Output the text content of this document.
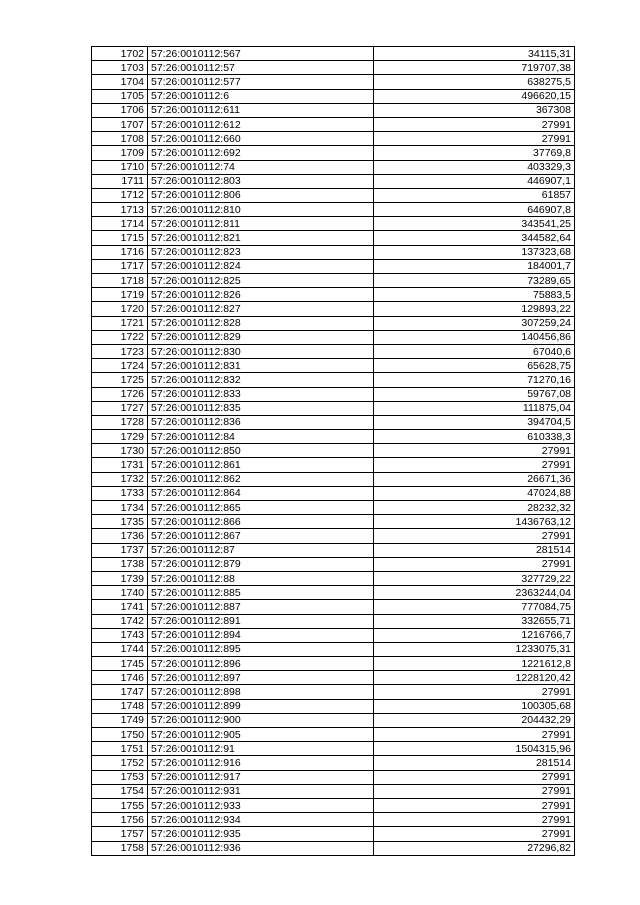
1702	57:26:0010112:567	34115,31
1703	57:26:0010112:57	719707,38
1704	57:26:0010112:577	638275,5
1705	57:26:0010112:6	496620,15
1706	57:26:0010112:611	367308
1707	57:26:0010112:612	27991
1708	57:26:0010112:660	27991
1709	57:26:0010112:692	37769,8
1710	57:26:0010112:74	403329,3
1711	57:26:0010112:803	446907,1
1712	57:26:0010112:806	61857
1713	57:26:0010112:810	646907,8
1714	57:26:0010112:811	343541,25
1715	57:26:0010112:821	344582,64
1716	57:26:0010112:823	137323,68
1717	57:26:0010112:824	184001,7
1718	57:26:0010112:825	73289,65
1719	57:26:0010112:826	75883,5
1720	57:26:0010112:827	129893,22
1721	57:26:0010112:828	307259,24
1722	57:26:0010112:829	140456,86
1723	57:26:0010112:830	67040,6
1724	57:26:0010112:831	65628,75
1725	57:26:0010112:832	71270,16
1726	57:26:0010112:833	59767,08
1727	57:26:0010112:835	111875,04
1728	57:26:0010112:836	394704,5
1729	57:26:0010112:84	610338,3
1730	57:26:0010112:850	27991
1731	57:26:0010112:861	27991
1732	57:26:0010112:862	26671,36
1733	57:26:0010112:864	47024,88
1734	57:26:0010112:865	28232,32
1735	57:26:0010112:866	1436763,12
1736	57:26:0010112:867	27991
1737	57:26:0010112:87	281514
1738	57:26:0010112:879	27991
1739	57:26:0010112:88	327729,22
1740	57:26:0010112:885	2363244,04
1741	57:26:0010112:887	777084,75
1742	57:26:0010112:891	332655,71
1743	57:26:0010112:894	1216766,7
1744	57:26:0010112:895	1233075,31
1745	57:26:0010112:896	1221612,8
1746	57:26:0010112:897	1228120,42
1747	57:26:0010112:898	27991
1748	57:26:0010112:899	100305,68
1749	57:26:0010112:900	204432,29
1750	57:26:0010112:905	27991
1751	57:26:0010112:91	1504315,96
1752	57:26:0010112:916	281514
1753	57:26:0010112:917	27991
1754	57:26:0010112:931	27991
1755	57:26:0010112:933	27991
1756	57:26:0010112:934	27991
1757	57:26:0010112:935	27991
1758	57:26:0010112:936	27296,82
